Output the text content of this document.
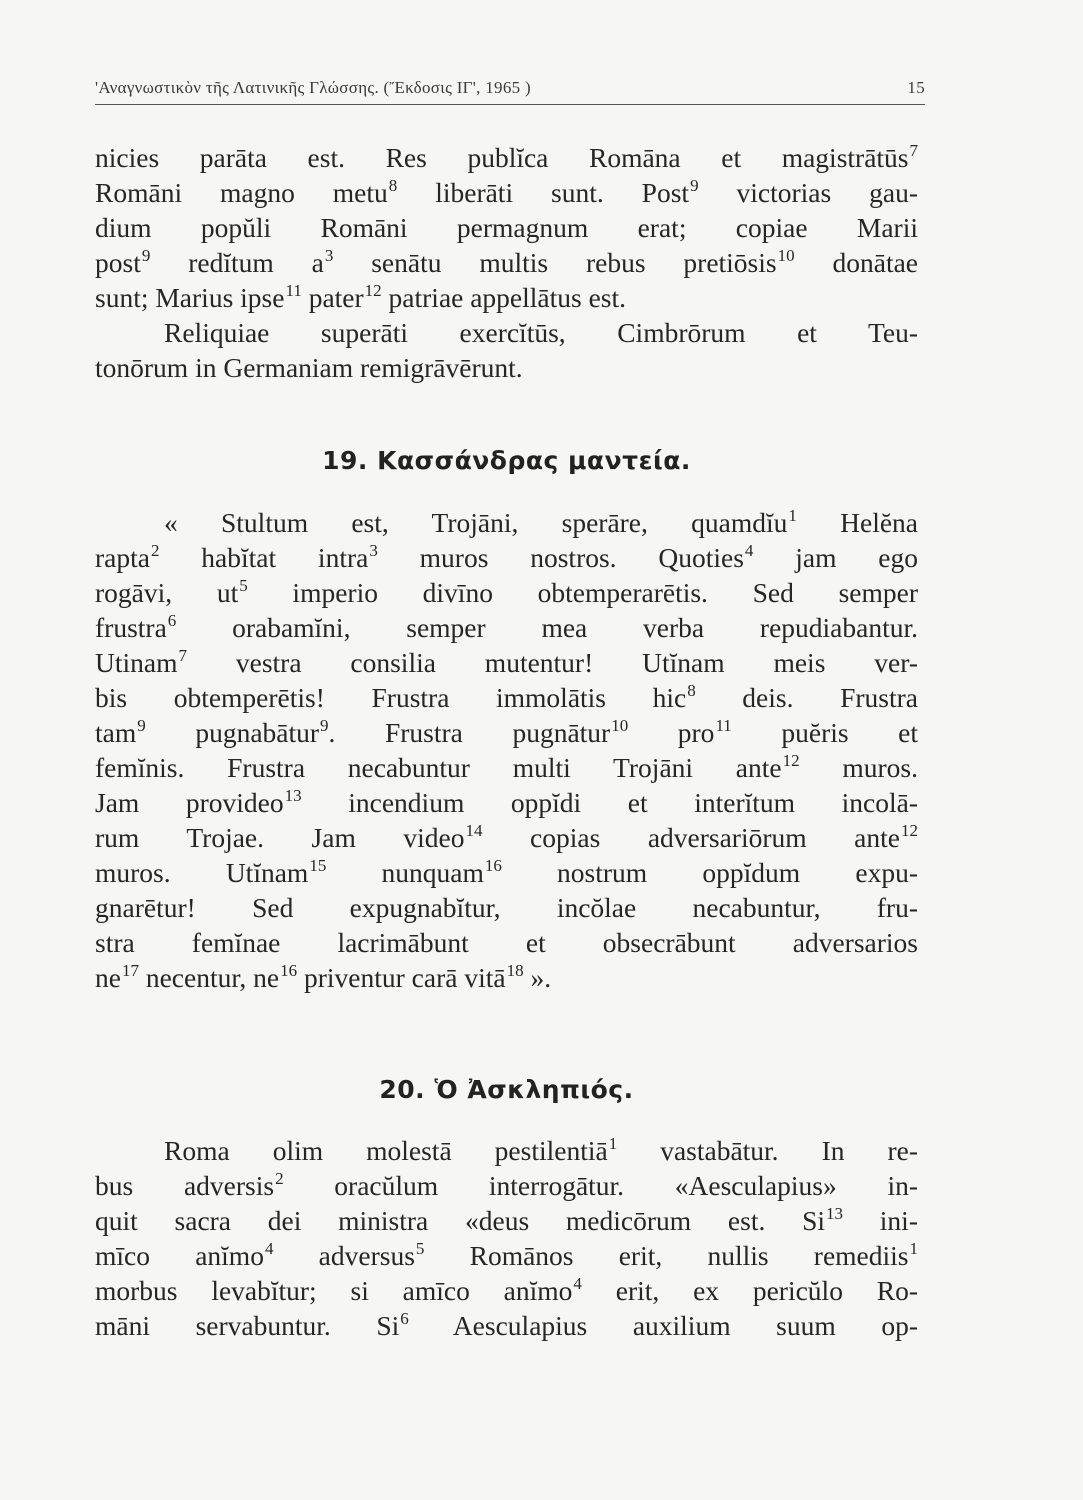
'Αναγνωστικὸν τῆς Λατινικῆς Γλώσσης. (Ἔκδοσις ΙΓ', 1965 )	15
nicies parāta est. Res publĭca Romāna et magistrātūs$^7$
Romāni magno metu$^8$ liberāti sunt. Post$^9$ victorias gau-
dium popŭli Romāni permagnum erat; copiae Marii
post$^9$ redĭtum $a^3$ senātu multis rebus pretiōsis$^{10}$ donātae
sunt; Marius ipse$^{11}$ pater$^{12}$ patriae appellātus est.
Reliquiae superāti exercĭtūs, Cimbrōrum et Teu-
tonōrum in Germaniam remigrāvērunt.
19. Κασσάνδρας μαντεία.
« Stultum est, Trojāni, sperāre, quamdĭu$^1$ Helĕna
rapta$^2$ habĭtat intra$^3$ muros nostros. Quoties$^4$ jam ego
rogāvi, $ut^5$ imperio divīno obtemperarētis. Sed semper
frustra$^6$ orabamĭni, semper mea verba repudiabantur.
Utinam$^7$ vestra consilia mutentur! Utĭnam meis ver-
bis obtemperētis! Frustra immolātis hic$^8$ deis. Frustra
tam$^9$ pugnabātur$^9$. Frustra pugnātur$^{10}$ pro$^{11}$ puĕris et
femĭnis. Frustra necabuntur multi Trojāni ante$^{12}$ muros.
Jam provideo$^{13}$ incendium oppĭdi et interĭtum incolā-
rum Trojae. Jam video$^{14}$ copias adversariōrum ante$^{12}$
muros. Utĭnam$^{15}$ nunquam$^{16}$ nostrum oppĭdum expu-
gnarētur! Sed expugnabĭtur, incŏlae necabuntur, fru-
stra femĭnae lacrimābunt et obsecrābunt adversarios
$ne^{17}$ necentur, $ne^{16}$ priventur carā vitā$^{18}$ ».
20. Ὁ Ἀσκληπιός.
Roma olim molestā pestilentiā$^1$ vastabātur. In re-
bus adversis$^2$ oracŭlum interrogātur. «Aesculapius» in-
quit sacra dei ministra «deus medicōrum est. Si$^{13}$ ini-
mīco anĭmo$^4$ adversus$^5$ Romānos erit, nullis remediis$^1$
morbus levabĭtur; si amīco anĭmo$^4$ erit, ex pericŭlo Ro-
māni servabuntur. Si$^6$ Aesculapius auxilium suum op-
